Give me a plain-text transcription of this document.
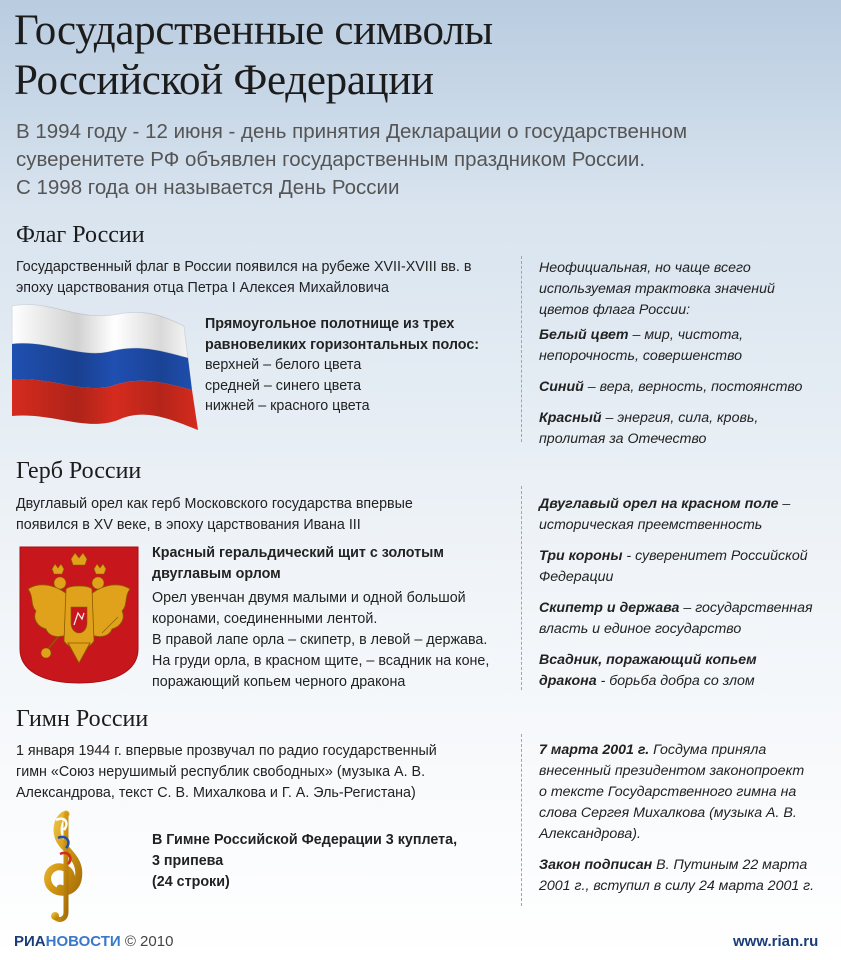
Государственные символы
Российской Федерации
В 1994 году - 12 июня - день принятия Декларации о государственном
суверенитете РФ объявлен государственным праздником России.
С 1998 года он называется День России
Флаг России
Государственный флаг в России появился на рубеже XVII-XVIII вв. в
эпоху царствования отца Петра I Алексея Михайловича
Прямоугольное полотнище из трех
равновеликих горизонтальных полос:
верхней – белого цвета
средней – синего цвета
нижней – красного цвета

Неофициальная, но чаще всего
используемая трактовка значений
цветов флага России:

Белый цвет – мир, чистота,
непорочность, совершенство

Синий – вера, верность, постоянство

Красный – энергия, сила, кровь,
пролитая за Отечество

Герб России
Двуглавый орел как герб Московского государства впервые
появился в XV веке, в эпоху царствования Ивана III
Красный геральдический щит с золотым
двуглавым орлом
Орел увенчан двумя малыми и одной большой
коронами, соединенными лентой.
В правой лапе орла – скипетр, в левой – держава.
На груди орла, в красном щите, – всадник на коне,
поражающий копьем черного дракона

Двуглавый орел на красном поле –
историческая преемственность

Три короны - суверенитет Российской
Федерации

Скипетр и держава – государственная
власть и единое государство

Всадник, поражающий копьем
дракона - борьба добра со злом

Гимн России
1 января 1944 г. впервые прозвучал по радио государственный
гимн «Союз нерушимый республик свободных» (музыка А. В.
Александрова, текст С. В. Михалкова и Г. А. Эль-Регистана)
В Гимне Российской Федерации 3 куплета,
3 припева
(24 строки)

7 марта 2001 г. Госдума приняла
внесенный президентом законопроект
о тексте Государственного гимна на
слова Сергея Михалкова (музыка А. В.
Александрова).

Закон подписан В. Путиным 22 марта
2001 г., вступил в силу 24 марта 2001 г.

РИАНОВОСТИ © 2010	www.rian.ru
